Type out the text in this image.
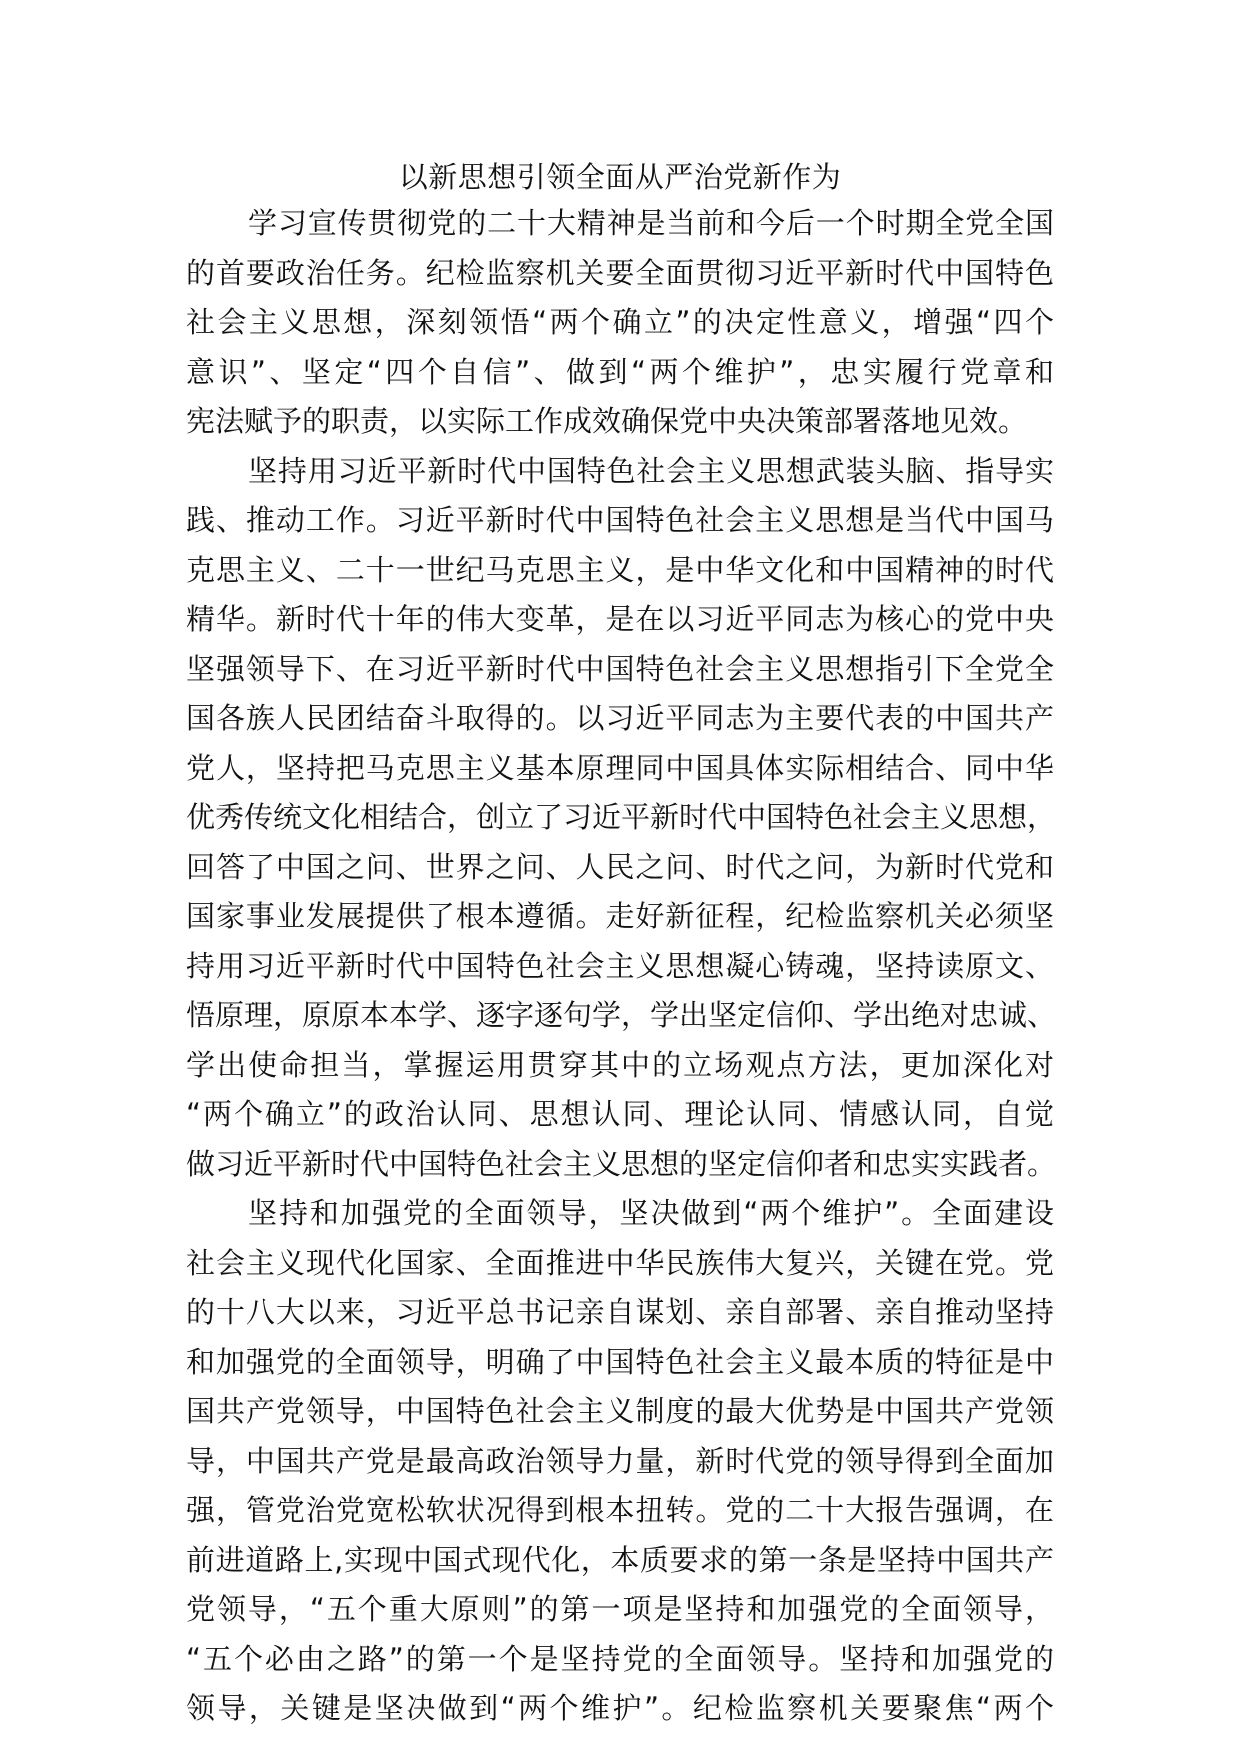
以新思想引领全面从严治党新作为

学习宣传贯彻党的二十大精神是当前和今后一个时期全党全国
的首要政治任务。纪检监察机关要全面贯彻习近平新时代中国特色
社会主义思想，深刻领悟“两个确立”的决定性意义，增强“四个
意识”、坚定“四个自信”、做到“两个维护”，忠实履行党章和
宪法赋予的职责，以实际工作成效确保党中央决策部署落地见效。

坚持用习近平新时代中国特色社会主义思想武装头脑、指导实
践、推动工作。习近平新时代中国特色社会主义思想是当代中国马
克思主义、二十一世纪马克思主义，是中华文化和中国精神的时代
精华。新时代十年的伟大变革，是在以习近平同志为核心的党中央
坚强领导下、在习近平新时代中国特色社会主义思想指引下全党全
国各族人民团结奋斗取得的。以习近平同志为主要代表的中国共产
党人，坚持把马克思主义基本原理同中国具体实际相结合、同中华
优秀传统文化相结合，创立了习近平新时代中国特色社会主义思想，
回答了中国之问、世界之问、人民之问、时代之问，为新时代党和
国家事业发展提供了根本遵循。走好新征程，纪检监察机关必须坚
持用习近平新时代中国特色社会主义思想凝心铸魂，坚持读原文、
悟原理，原原本本学、逐字逐句学，学出坚定信仰、学出绝对忠诚、
学出使命担当，掌握运用贯穿其中的立场观点方法，更加深化对
“两个确立”的政治认同、思想认同、理论认同、情感认同，自觉
做习近平新时代中国特色社会主义思想的坚定信仰者和忠实实践者。

坚持和加强党的全面领导，坚决做到“两个维护”。全面建设
社会主义现代化国家、全面推进中华民族伟大复兴，关键在党。党
的十八大以来，习近平总书记亲自谋划、亲自部署、亲自推动坚持
和加强党的全面领导，明确了中国特色社会主义最本质的特征是中
国共产党领导，中国特色社会主义制度的最大优势是中国共产党领
导，中国共产党是最高政治领导力量，新时代党的领导得到全面加
强，管党治党宽松软状况得到根本扭转。党的二十大报告强调，在
前进道路上,实现中国式现代化，本质要求的第一条是坚持中国共产
党领导，“五个重大原则”的第一项是坚持和加强党的全面领导，
“五个必由之路”的第一个是坚持党的全面领导。坚持和加强党的
领导，关键是坚决做到“两个维护”。纪检监察机关要聚焦“两个
